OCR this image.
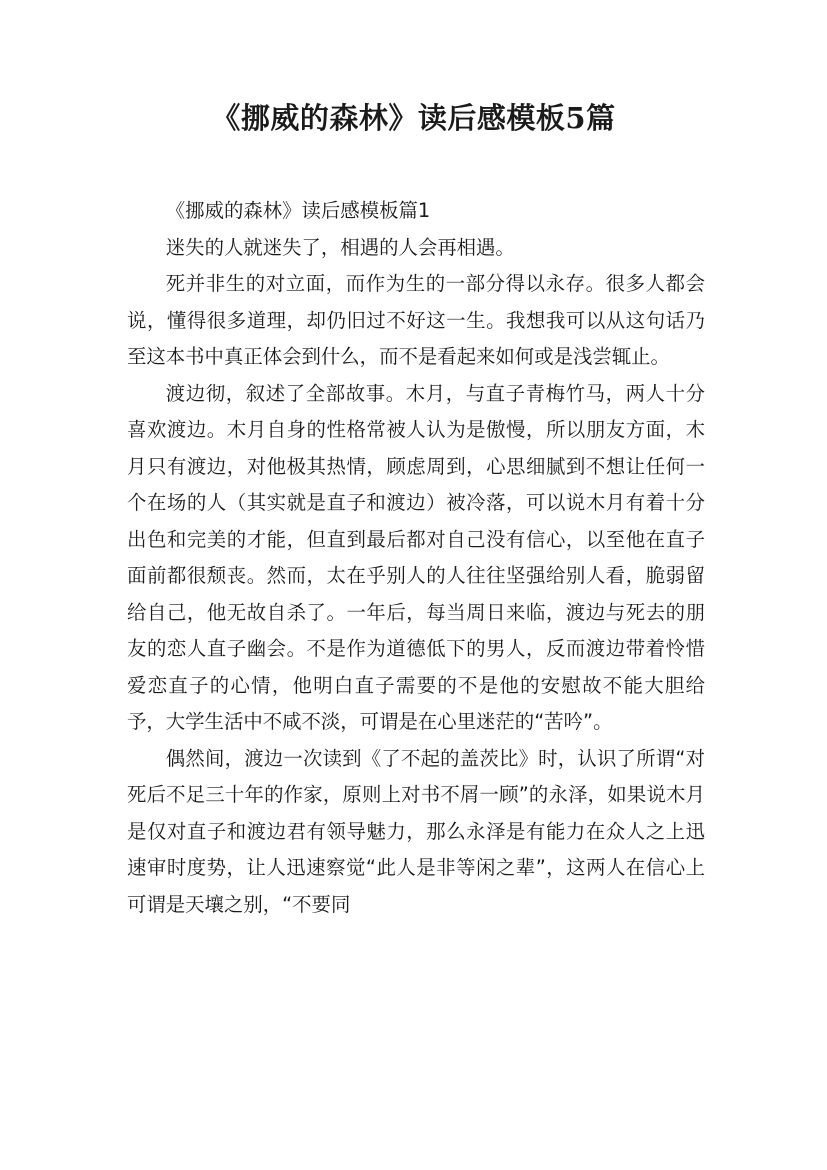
《挪威的森林》读后感模板5篇

《挪威的森林》读后感模板篇1

迷失的人就迷失了，相遇的人会再相遇。

死并非生的对立面，而作为生的一部分得以永存。很多人都会说，懂得很多道理，却仍旧过不好这一生。我想我可以从这句话乃至这本书中真正体会到什么，而不是看起来如何或是浅尝辄止。

渡边彻，叙述了全部故事。木月，与直子青梅竹马，两人十分喜欢渡边。木月自身的性格常被人认为是傲慢，所以朋友方面，木月只有渡边，对他极其热情，顾虑周到，心思细腻到不想让任何一个在场的人（其实就是直子和渡边）被冷落，可以说木月有着十分出色和完美的才能，但直到最后都对自己没有信心，以至他在直子面前都很颓丧。然而，太在乎别人的人往往坚强给别人看，脆弱留给自己，他无故自杀了。一年后，每当周日来临，渡边与死去的朋友的恋人直子幽会。不是作为道德低下的男人，反而渡边带着怜惜爱恋直子的心情，他明白直子需要的不是他的安慰故不能大胆给予，大学生活中不咸不淡，可谓是在心里迷茫的“苦吟”。

偶然间，渡边一次读到《了不起的盖茨比》时，认识了所谓“对死后不足三十年的作家，原则上对书不屑一顾”的永泽，如果说木月是仅对直子和渡边君有领导魅力，那么永泽是有能力在众人之上迅速审时度势，让人迅速察觉“此人是非等闲之辈”，这两人在信心上可谓是天壤之别，“不要同
